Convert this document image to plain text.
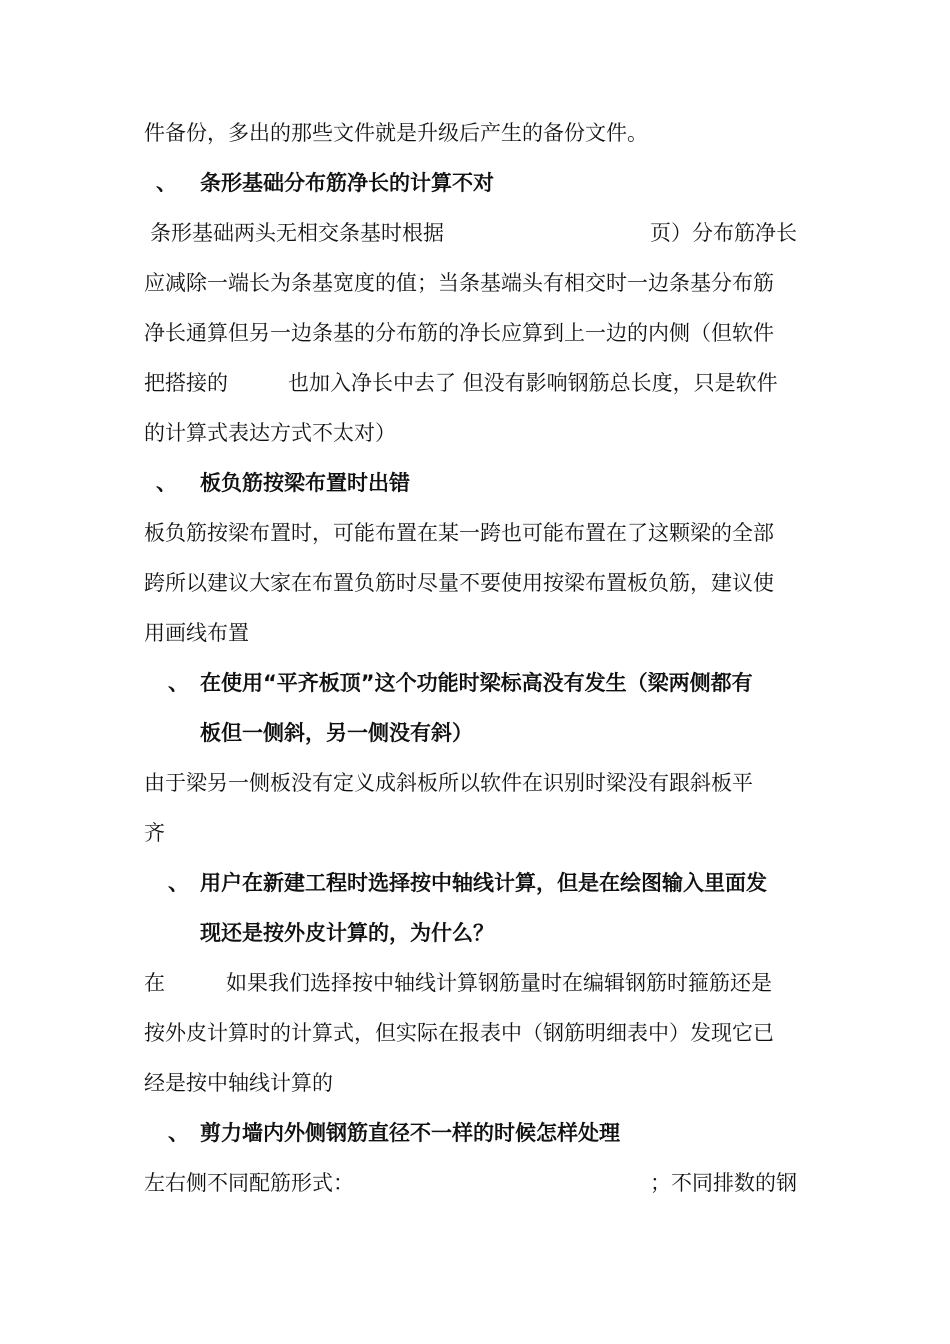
件备份，多出的那些文件就是升级后产生的备份文件。
、 条形基础分布筋净长的计算不对
条形基础两头无相交条基时根据	页）分布筋净长
应减除一端长为条基宽度的值；当条基端头有相交时一边条基分布筋
净长通算但另一边条基的分布筋的净长应算到上一边的内侧（但软件
把搭接的	也加入净长中去了 但没有影响钢筋总长度，只是软件
的计算式表达方式不太对）
、 板负筋按梁布置时出错
板负筋按梁布置时，可能布置在某一跨也可能布置在了这颗梁的全部
跨所以建议大家在布置负筋时尽量不要使用按梁布置板负筋，建议使
用画线布置
、 在使用“平齐板顶”这个功能时梁标高没有发生（梁两侧都有
板但一侧斜，另一侧没有斜）
由于梁另一侧板没有定义成斜板所以软件在识别时梁没有跟斜板平
齐
、 用户在新建工程时选择按中轴线计算，但是在绘图输入里面发
现还是按外皮计算的，为什么？
在	如果我们选择按中轴线计算钢筋量时在编辑钢筋时箍筋还是
按外皮计算时的计算式，但实际在报表中（钢筋明细表中）发现它已
经是按中轴线计算的
、 剪力墙内外侧钢筋直径不一样的时候怎样处理
左右侧不同配筋形式：	；不同排数的钢
